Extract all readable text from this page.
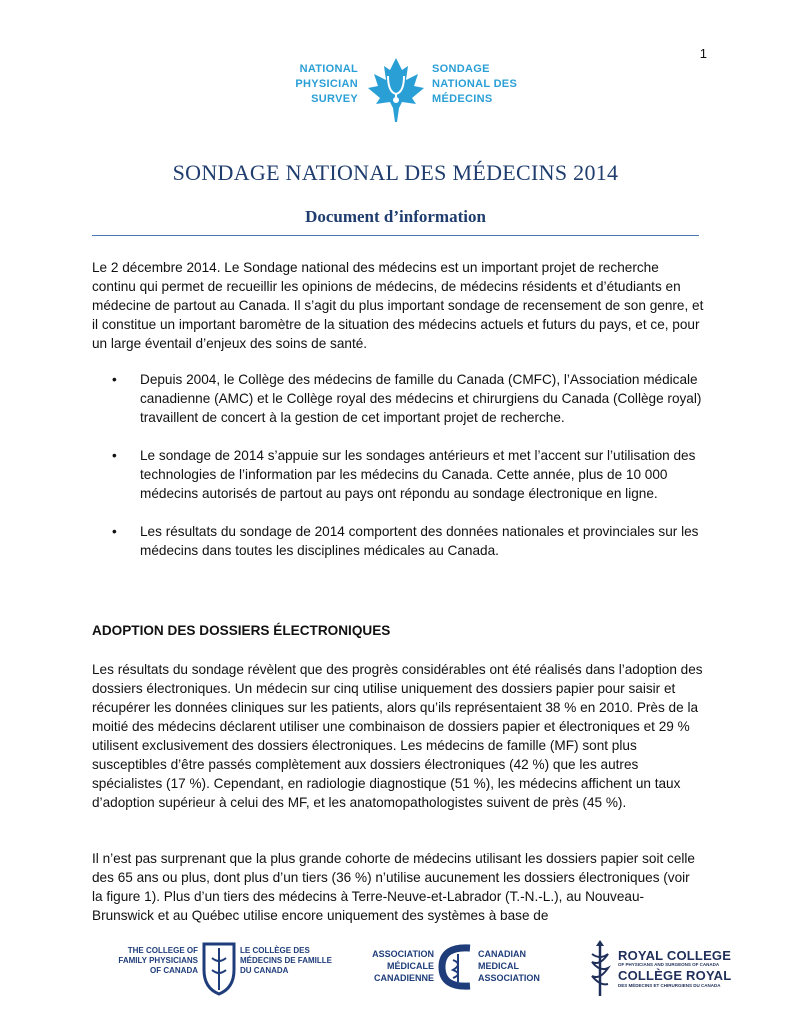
1
NATIONAL
PHYSICIAN
SURVEY
SONDAGE
NATIONAL DES
MÉDECINS
SONDAGE NATIONAL DES MÉDECINS 2014
Document d’information

Le 2 décembre 2014. Le Sondage national des médecins est un important projet de recherche continu qui permet de recueillir les opinions de médecins, de médecins résidents et d’étudiants en médecine de partout au Canada. Il s’agit du plus important sondage de recensement de son genre, et il constitue un important baromètre de la situation des médecins actuels et futurs du pays, et ce, pour un large éventail d’enjeux des soins de santé.

• Depuis 2004, le Collège des médecins de famille du Canada (CMFC), l’Association médicale canadienne (AMC) et le Collège royal des médecins et chirurgiens du Canada (Collège royal) travaillent de concert à la gestion de cet important projet de recherche.
• Le sondage de 2014 s’appuie sur les sondages antérieurs et met l’accent sur l’utilisation des technologies de l’information par les médecins du Canada. Cette année, plus de 10 000 médecins autorisés de partout au pays ont répondu au sondage électronique en ligne.
• Les résultats du sondage de 2014 comportent des données nationales et provinciales sur les médecins dans toutes les disciplines médicales au Canada.
ADOPTION DES DOSSIERS ÉLECTRONIQUES

Les résultats du sondage révèlent que des progrès considérables ont été réalisés dans l’adoption des dossiers électroniques. Un médecin sur cinq utilise uniquement des dossiers papier pour saisir et récupérer les données cliniques sur les patients, alors qu’ils représentaient 38 % en 2010. Près de la moitié des médecins déclarent utiliser une combinaison de dossiers papier et électroniques et 29 % utilisent exclusivement des dossiers électroniques. Les médecins de famille (MF) sont plus susceptibles d’être passés complètement aux dossiers électroniques (42 %) que les autres spécialistes (17 %). Cependant, en radiologie diagnostique (51 %), les médecins affichent un taux d’adoption supérieur à celui des MF, et les anatomopathologistes suivent de près (45 %).

Il n’est pas surprenant que la plus grande cohorte de médecins utilisant les dossiers papier soit celle des 65 ans ou plus, dont plus d’un tiers (36 %) n’utilise aucunement les dossiers électroniques (voir la figure 1). Plus d’un tiers des médecins à Terre-Neuve-et-Labrador (T.-N.-L.), au Nouveau-Brunswick et au Québec utilise encore uniquement des systèmes à base de

THE COLLEGE OF
FAMILY PHYSICIANS
OF CANADA
LE COLLÈGE DES
MÉDECINS DE FAMILLE
DU CANADA
ASSOCIATION
MÉDICALE
CANADIENNE
CANADIAN
MEDICAL
ASSOCIATION
ROYAL COLLEGE
OF PHYSICIANS AND SURGEONS OF CANADA
COLLÈGE ROYAL
DES MÉDECINS ET CHIRURGIENS DU CANADA
